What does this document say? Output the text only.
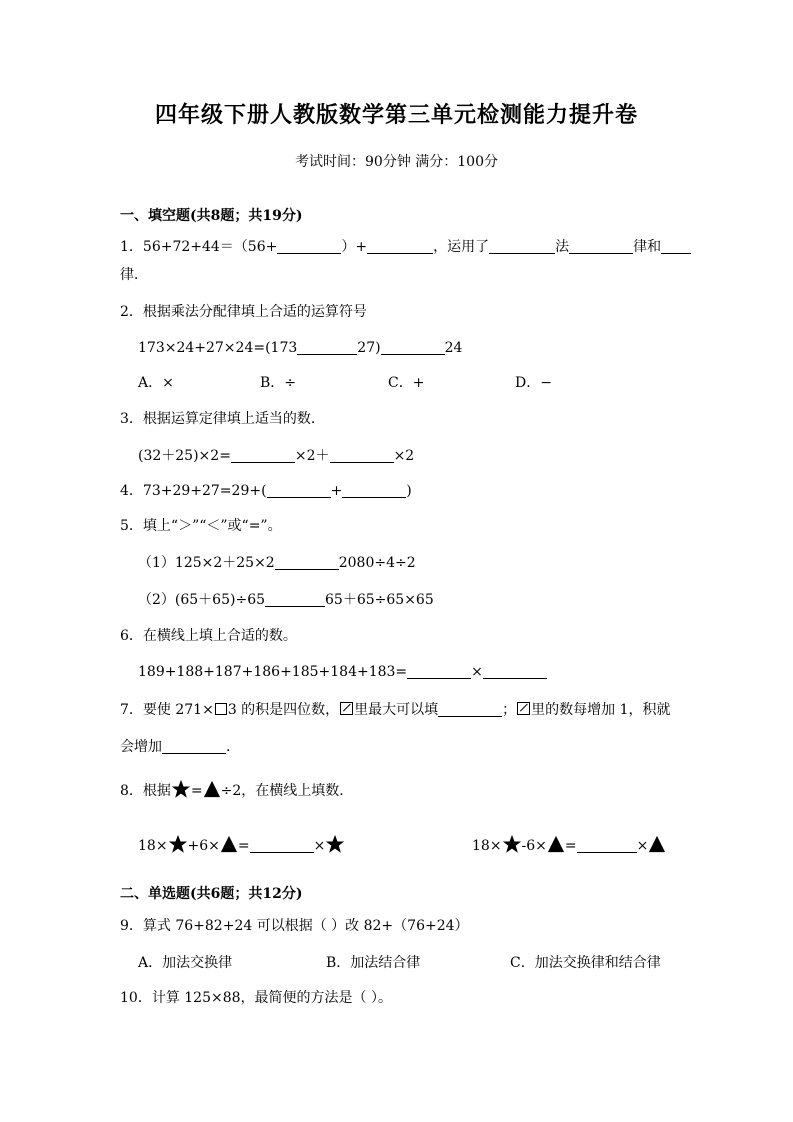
四年级下册人教版数学第三单元检测能力提升卷
考试时间：90分钟 满分：100分
一、填空题(共8题；共19分)
1．56+72+44＝（56+	）+	，运用了	法	律和
律．
2．根据乘法分配律填上合适的运算符号
173×24+27×24=(173	27)	24
A．×	B．÷	C．+	D．−
3．根据运算定律填上适当的数．
(32＋25)×2=	×2＋	×2
4．73+29+27=29+(	+	)
5．填上“＞”“＜”或“=”。
（1）125×2＋25×2	2080÷4÷2
（2）(65＋65)÷65	65＋65÷65×65
6．在横线上填上合适的数。
189+188+187+186+185+184+183=	×
7．要使 271× 3 的积是四位数，☒里最大可以填	；☒里的数每增加 1，积就
会增加	.
8．根据 = ÷2，在横线上填数.
18× +6× =	×	18× -6× =	×
二、单选题(共6题；共12分)
9．算式 76+82+24 可以根据（ ）改 82+（76+24）
A．加法交换律	B．加法结合律	C．加法交换律和结合律
10．计算 125×88，最简便的方法是（ ）。
